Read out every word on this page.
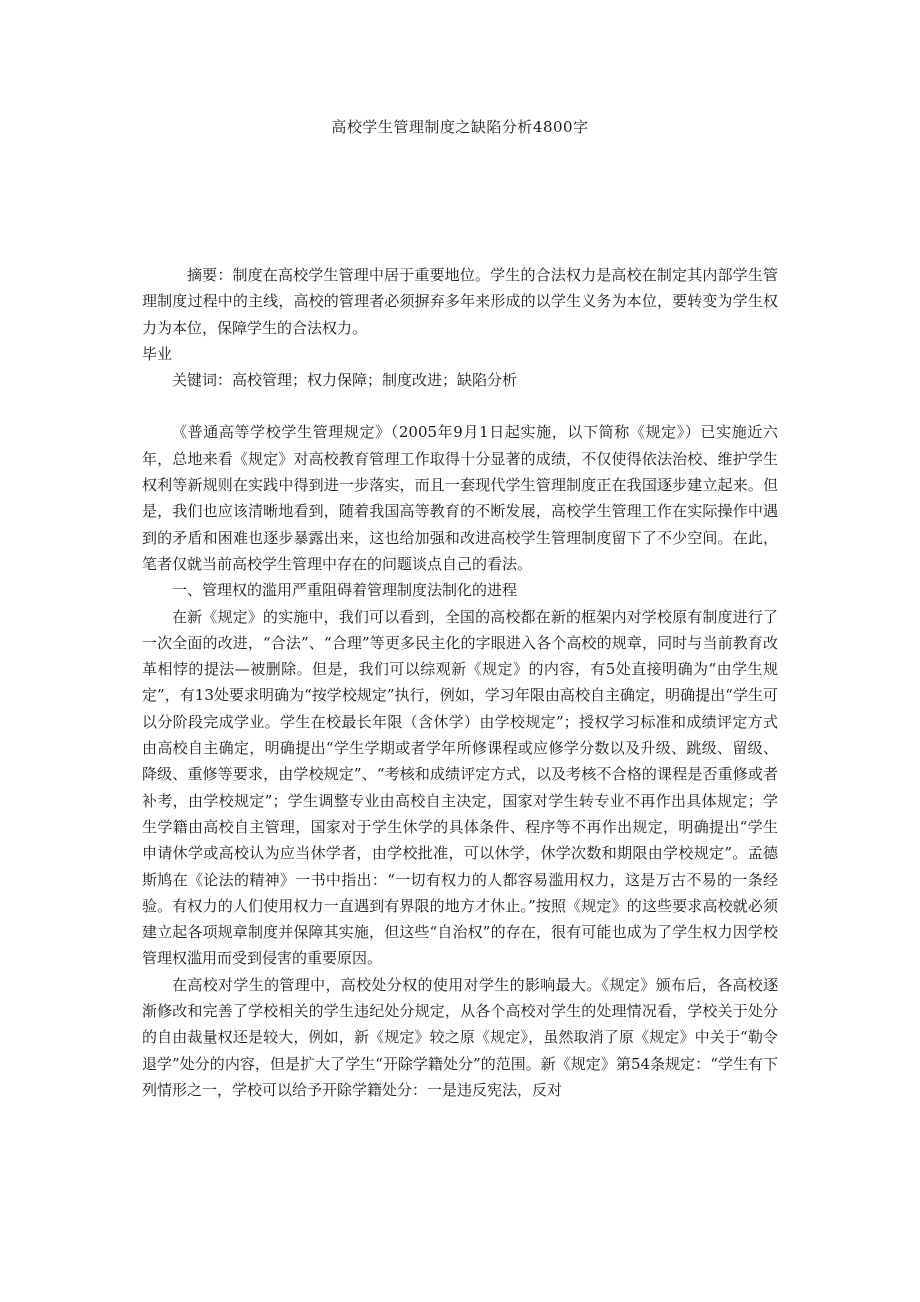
高校学生管理制度之缺陷分析4800字

摘要：制度在高校学生管理中居于重要地位。学生的合法权力是高校在制定其内部学生管理制度过程中的主线，高校的管理者必须摒弃多年来形成的以学生义务为本位，要转变为学生权力为本位，保障学生的合法权力。

毕业

关键词：高校管理；权力保障；制度改进；缺陷分析

《普通高等学校学生管理规定》（2005年9月1日起实施，以下简称《规定》）已实施近六年，总地来看《规定》对高校教育管理工作取得十分显著的成绩，不仅使得依法治校、维护学生权利等新规则在实践中得到进一步落实，而且一套现代学生管理制度正在我国逐步建立起来。但是，我们也应该清晰地看到，随着我国高等教育的不断发展，高校学生管理工作在实际操作中遇到的矛盾和困难也逐步暴露出来，这也给加强和改进高校学生管理制度留下了不少空间。在此，笔者仅就当前高校学生管理中存在的问题谈点自己的看法。

一、管理权的滥用严重阻碍着管理制度法制化的进程

在新《规定》的实施中，我们可以看到，全国的高校都在新的框架内对学校原有制度进行了一次全面的改进，“合法”、“合理”等更多民主化的字眼进入各个高校的规章，同时与当前教育改革相悖的提法—被删除。但是，我们可以综观新《规定》的内容，有5处直接明确为“由学生规定”，有13处要求明确为“按学校规定”执行，例如，学习年限由高校自主确定，明确提出“学生可以分阶段完成学业。学生在校最长年限（含休学）由学校规定”；授权学习标准和成绩评定方式由高校自主确定，明确提出“学生学期或者学年所修课程或应修学分数以及升级、跳级、留级、降级、重修等要求，由学校规定”、“考核和成绩评定方式，以及考核不合格的课程是否重修或者补考，由学校规定”；学生调整专业由高校自主决定，国家对学生转专业不再作出具体规定；学生学籍由高校自主管理，国家对于学生休学的具体条件、程序等不再作出规定，明确提出“学生申请休学或高校认为应当休学者，由学校批准，可以休学，休学次数和期限由学校规定”。孟德斯鸠在《论法的精神》一书中指出：“一切有权力的人都容易滥用权力，这是万古不易的一条经验。有权力的人们使用权力一直遇到有界限的地方才休止。”按照《规定》的这些要求高校就必须建立起各项规章制度并保障其实施，但这些“自治权”的存在，很有可能也成为了学生权力因学校管理权滥用而受到侵害的重要原因。

在高校对学生的管理中，高校处分权的使用对学生的影响最大。《规定》颁布后，各高校逐渐修改和完善了学校相关的学生违纪处分规定，从各个高校对学生的处理情况看，学校关于处分的自由裁量权还是较大，例如，新《规定》较之原《规定》，虽然取消了原《规定》中关于“勒令退学”处分的内容，但是扩大了学生“开除学籍处分”的范围。新《规定》第54条规定：“学生有下列情形之一，学校可以给予开除学籍处分：一是违反宪法，反对
